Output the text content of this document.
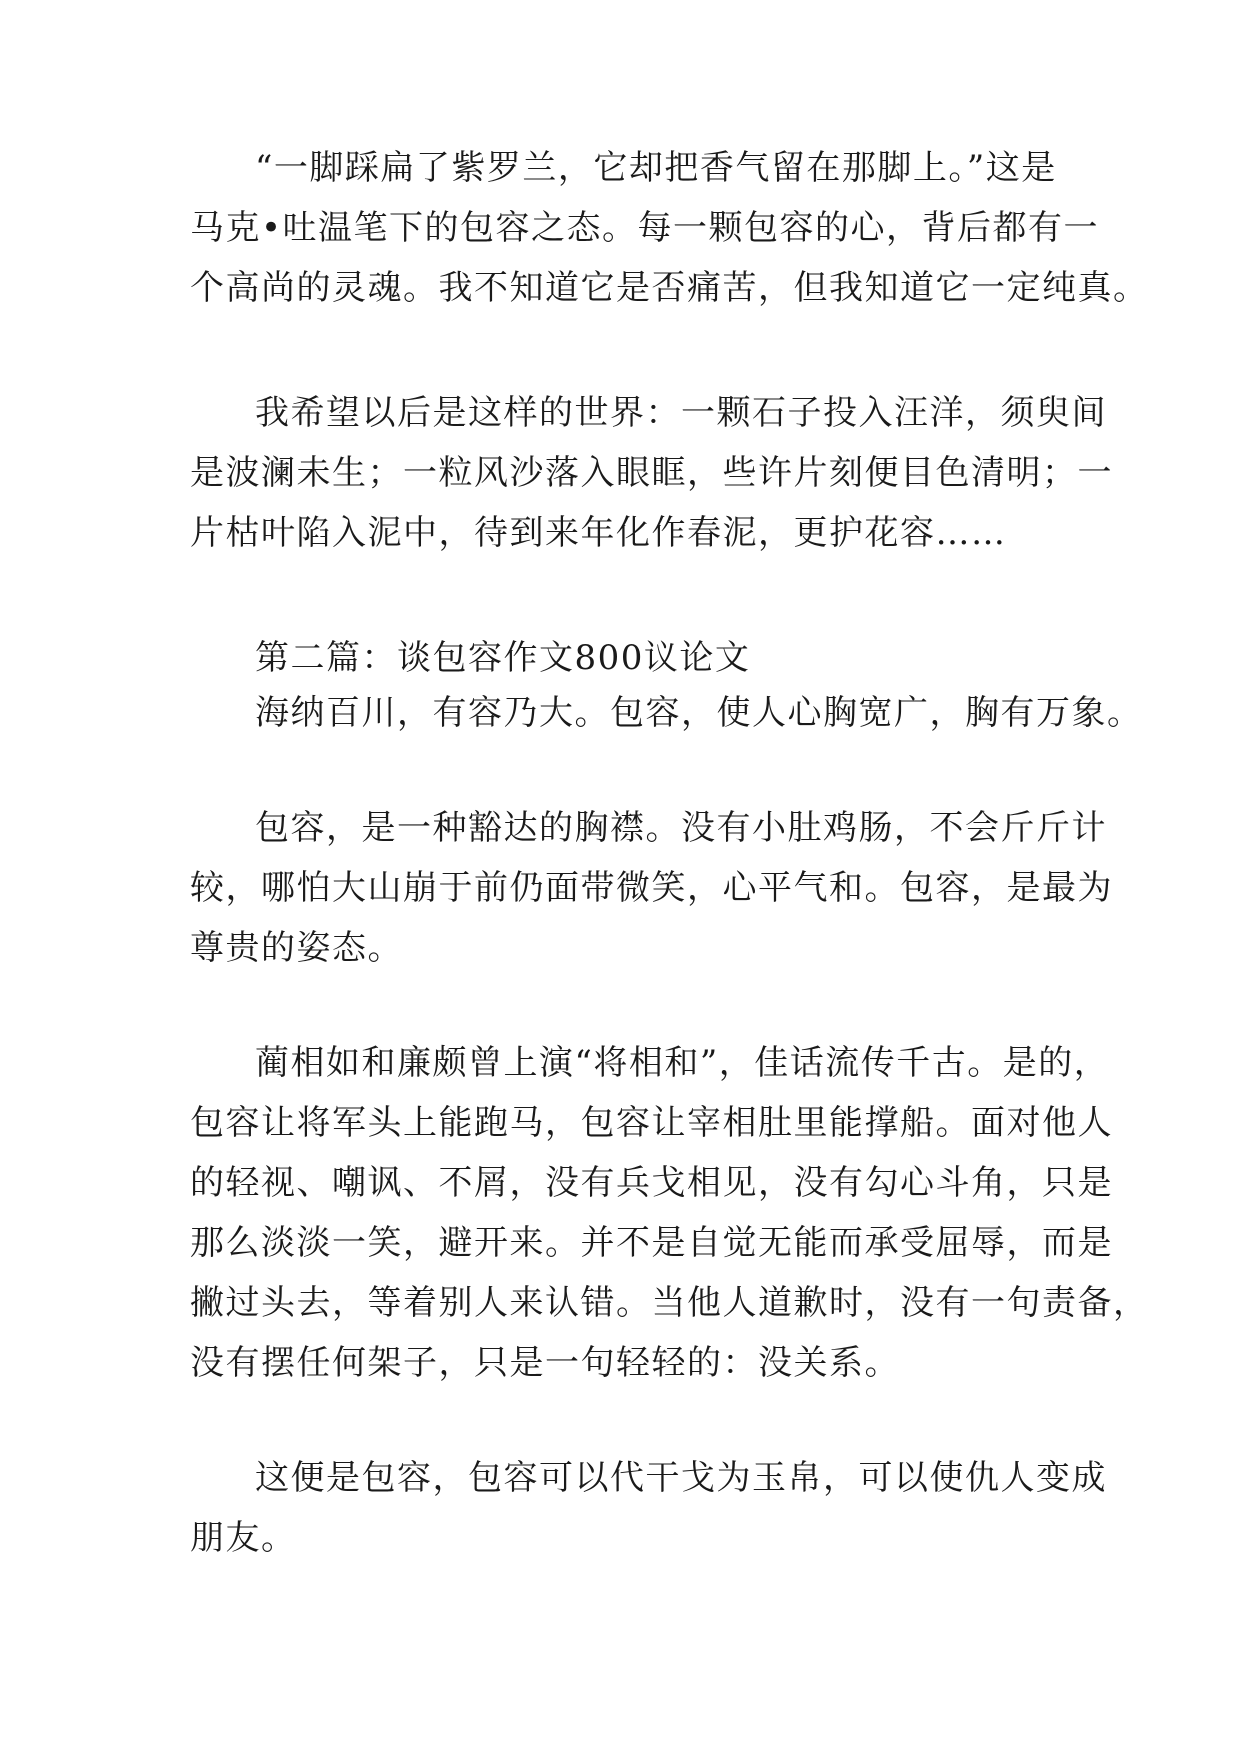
“一脚踩扁了紫罗兰，它却把香气留在那脚上。”这是
马克•吐温笔下的包容之态。每一颗包容的心，背后都有一
个高尚的灵魂。我不知道它是否痛苦，但我知道它一定纯真。
我希望以后是这样的世界：一颗石子投入汪洋，须臾间
是波澜未生；一粒风沙落入眼眶，些许片刻便目色清明；一
片枯叶陷入泥中，待到来年化作春泥，更护花容……
第二篇：谈包容作文800议论文
海纳百川，有容乃大。包容，使人心胸宽广，胸有万象。
包容，是一种豁达的胸襟。没有小肚鸡肠，不会斤斤计
较，哪怕大山崩于前仍面带微笑，心平气和。包容，是最为
尊贵的姿态。
蔺相如和廉颇曾上演“将相和”，佳话流传千古。是的，
包容让将军头上能跑马，包容让宰相肚里能撑船。面对他人
的轻视、嘲讽、不屑，没有兵戈相见，没有勾心斗角，只是
那么淡淡一笑，避开来。并不是自觉无能而承受屈辱，而是
撇过头去，等着别人来认错。当他人道歉时，没有一句责备，
没有摆任何架子，只是一句轻轻的：没关系。
这便是包容，包容可以代干戈为玉帛，可以使仇人变成
朋友。
